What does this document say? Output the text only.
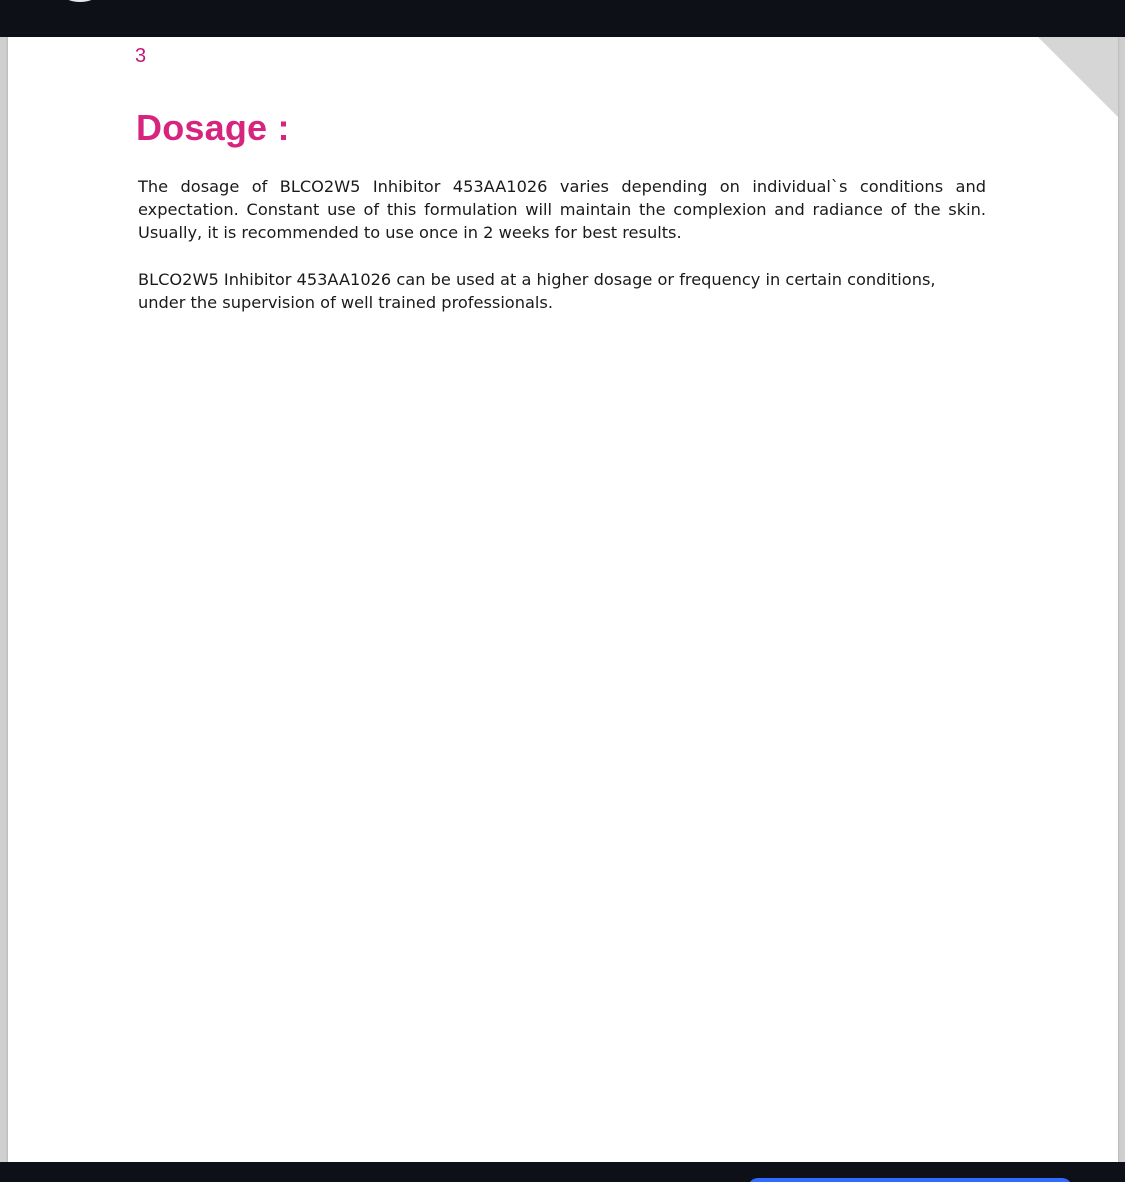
3
Dosage :

The dosage of BLCO2W5 Inhibitor 453AA1026 varies depending on individual`s conditions and expectation. Constant use of this formulation will maintain the complexion and radiance of the skin. Usually, it is recommended to use once in 2 weeks for best results.

BLCO2W5 Inhibitor 453AA1026 can be used at a higher dosage or frequency in certain conditions, under the supervision of well trained professionals.
